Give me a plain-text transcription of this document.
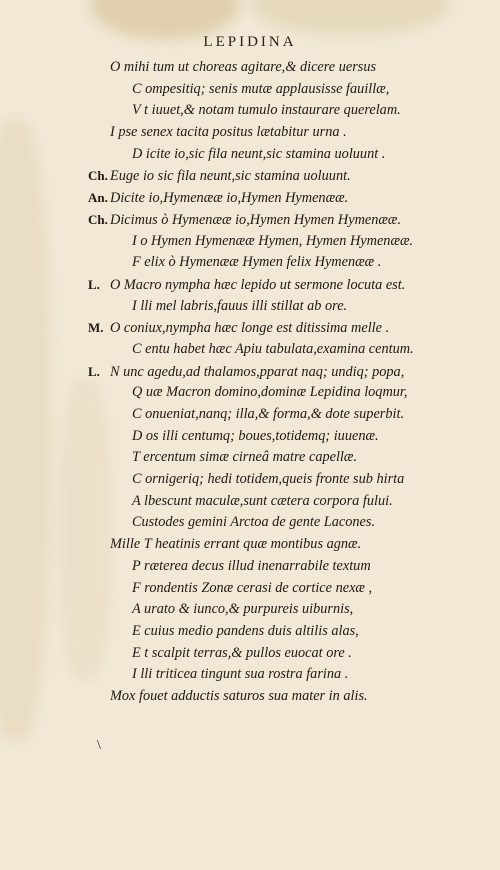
LEPIDINA
O mihi tum ut choreas agitare,& dicere uersus
C ompesitiq; senis mutæ applausisse fauillæ,
V t iuuet,& notam tumulo instaurare querelam.
I pse senex tacita positus lætabitur urna .
D icite io,sic fila neunt,sic stamina uoluunt .
Ch. Euge io sic fila neunt,sic stamina uoluunt.
An. Dicite io,Hymenææ io,Hymen Hymenææ.
Ch. Dicimus ò Hymenææ io,Hymen Hymen Hymenææ.
I o Hymen Hymenææ Hymen, Hymen Hymenææ.
F elix ò Hymenææ Hymen felix Hymenææ .
L. O Macro nympha hæc lepido ut sermone locuta est.
I lli mel labris,fauus illi stillat ab ore.
M. O coniux,nympha hæc longe est ditissima melle .
C entu habet hæc Apiu tabulata,examina centum.
L. N unc agedu,ad thalamos,pparat naq; undiq; popa,
Q uæ Macron domino,dominæ Lepidina loqmur,
C onueniat,nanq; illa,& forma,& dote superbit.
D os illi centumq; boues,totidemq; iuuenæ.
T ercentum simæ cirneâ matre capellæ.
C ornigeriq; hedi totidem,queis fronte sub hirta
A lbescunt maculæ,sunt cætera corpora fului.
Custodes gemini Arctoa de gente Lacones.
Mille T heatinis errant quæ montibus agnæ.
P ræterea decus illud inenarrabile textum
F rondentis Zonæ cerasi de cortice nexæ ,
A urato & iunco,& purpureis uiburnis,
E cuius medio pandens duis altilis alas,
E t scalpit terras,& pullos euocat ore .
I lli triticea tingunt sua rostra farina .
Mox fouet adductis saturos sua mater in alis.
\
